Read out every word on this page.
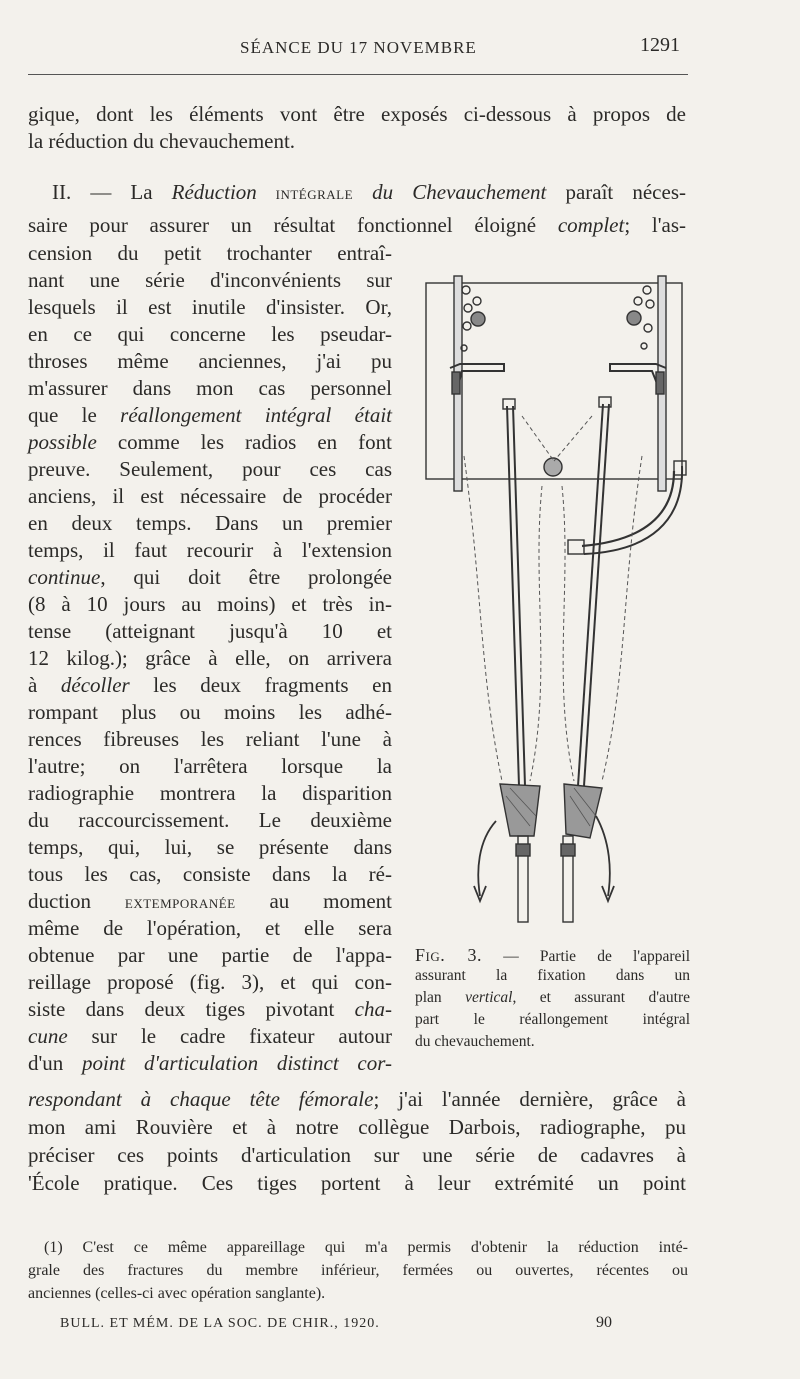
SÉANCE DU 17 NOVEMBRE	1291
gique, dont les éléments vont être exposés ci-dessous à propos de
la réduction du chevauchement.
II. — La Réduction intégrale du Chevauchement paraît néces-
saire pour assurer un résultat fonctionnel éloigné complet; l'as-
cension du petit trochanter entraî-
nant une série d'inconvénients sur
lesquels il est inutile d'insister. Or,
en ce qui concerne les pseudar-
throses même anciennes, j'ai pu
m'assurer dans mon cas personnel
que le réallongement intégral était
possible comme les radios en font
preuve. Seulement, pour ces cas
anciens, il est nécessaire de procéder
en deux temps. Dans un premier
temps, il faut recourir à l'extension
continue, qui doit être prolongée
(8 à 10 jours au moins) et très in-
tense (atteignant jusqu'à 10 et
12 kilog.); grâce à elle, on arrivera
à décoller les deux fragments en
rompant plus ou moins les adhé-
rences fibreuses les reliant l'une à
l'autre; on l'arrêtera lorsque la
radiographie montrera la disparition
du raccourcissement. Le deuxième
temps, qui, lui, se présente dans
tous les cas, consiste dans la ré-
duction extemporanée au moment
même de l'opération, et elle sera
obtenue par une partie de l'appa-
reillage proposé (fig. 3), et qui con-
siste dans deux tiges pivotant cha-
cune sur le cadre fixateur autour
d'un point d'articulation distinct cor-
respondant à chaque tête fémorale; j'ai l'année dernière, grâce à
mon ami Rouvière et à notre collègue Darbois, radiographe, pu
préciser ces points d'articulation sur une série de cadavres à
'École pratique. Ces tiges portent à leur extrémité un point
Fig. 3. — Partie de l'appareil
assurant la fixation dans un
plan vertical, et assurant d'autre
part le réallongement intégral
du chevauchement.
(1) C'est ce même appareillage qui m'a permis d'obtenir la réduction inté-
grale des fractures du membre inférieur, fermées ou ouvertes, récentes ou
anciennes (celles-ci avec opération sanglante).
BULL. ET MÉM. DE LA SOC. DE CHIR., 1920.	90
